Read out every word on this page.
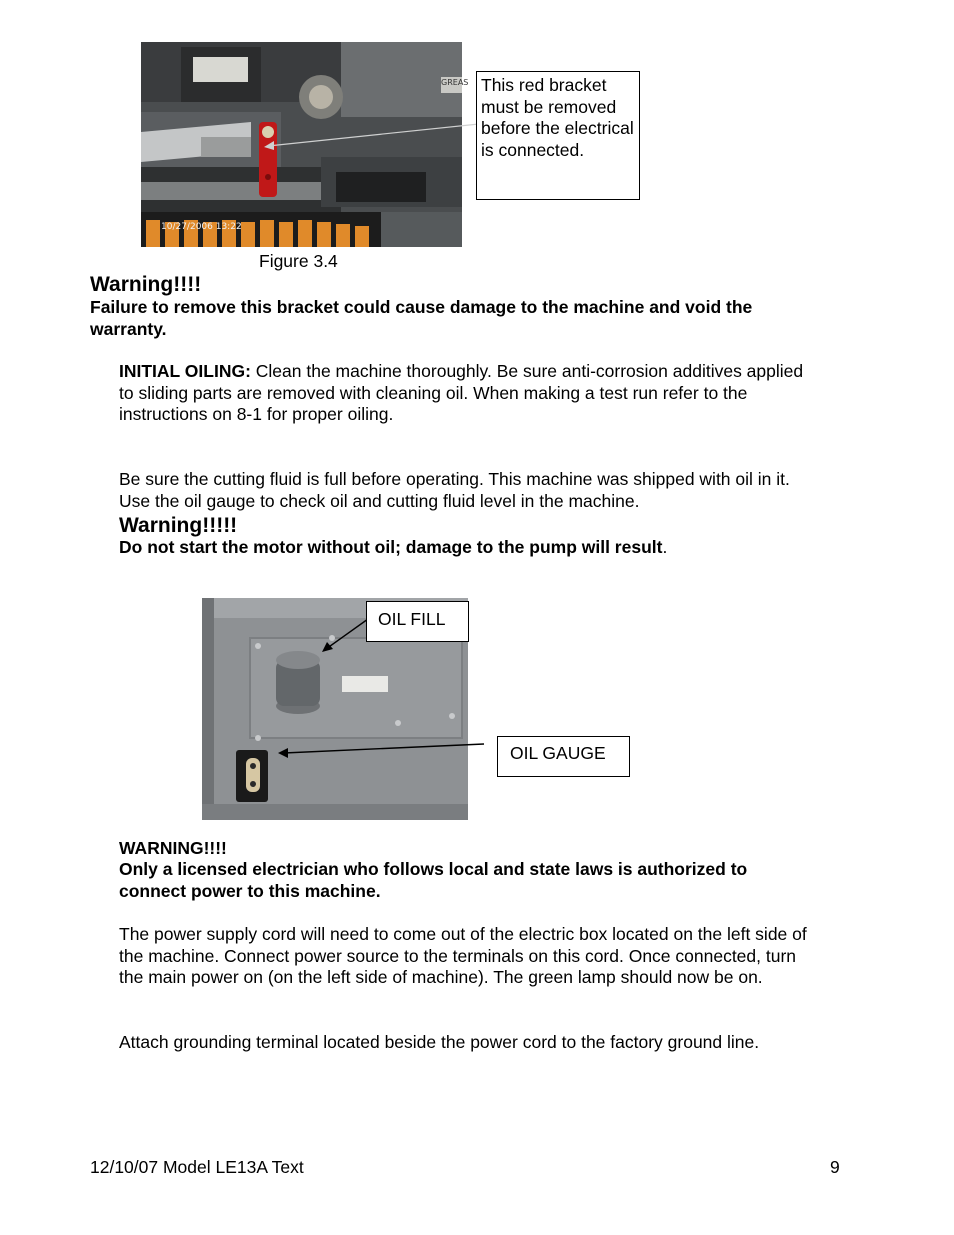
10/27/2006 13:22
GREAS This red bracket must be removed before the electrical is connected.
Figure 3.4
Warning!!!!
Failure to remove this bracket could cause damage to the machine and void the warranty.
INITIAL OILING: Clean the machine thoroughly. Be sure anti-corrosion additives applied to sliding parts are removed with cleaning oil. When making a test run refer to the instructions on 8-1 for proper oiling.
Be sure the cutting fluid is full before operating. This machine was shipped with oil in it. Use the oil gauge to check oil and cutting fluid level in the machine.
Warning!!!!!
Do not start the motor without oil; damage to the pump will result.
OIL FILL
OIL GAUGE
WARNING!!!!
Only a licensed electrician who follows local and state laws is authorized to connect power to this machine.
The power supply cord will need to come out of the electric box located on the left side of the machine. Connect power source to the terminals on this cord. Once connected, turn the main power on (on the left side of machine). The green lamp should now be on.
Attach grounding terminal located beside the power cord to the factory ground line.
12/10/07 Model LE13A Text	9
